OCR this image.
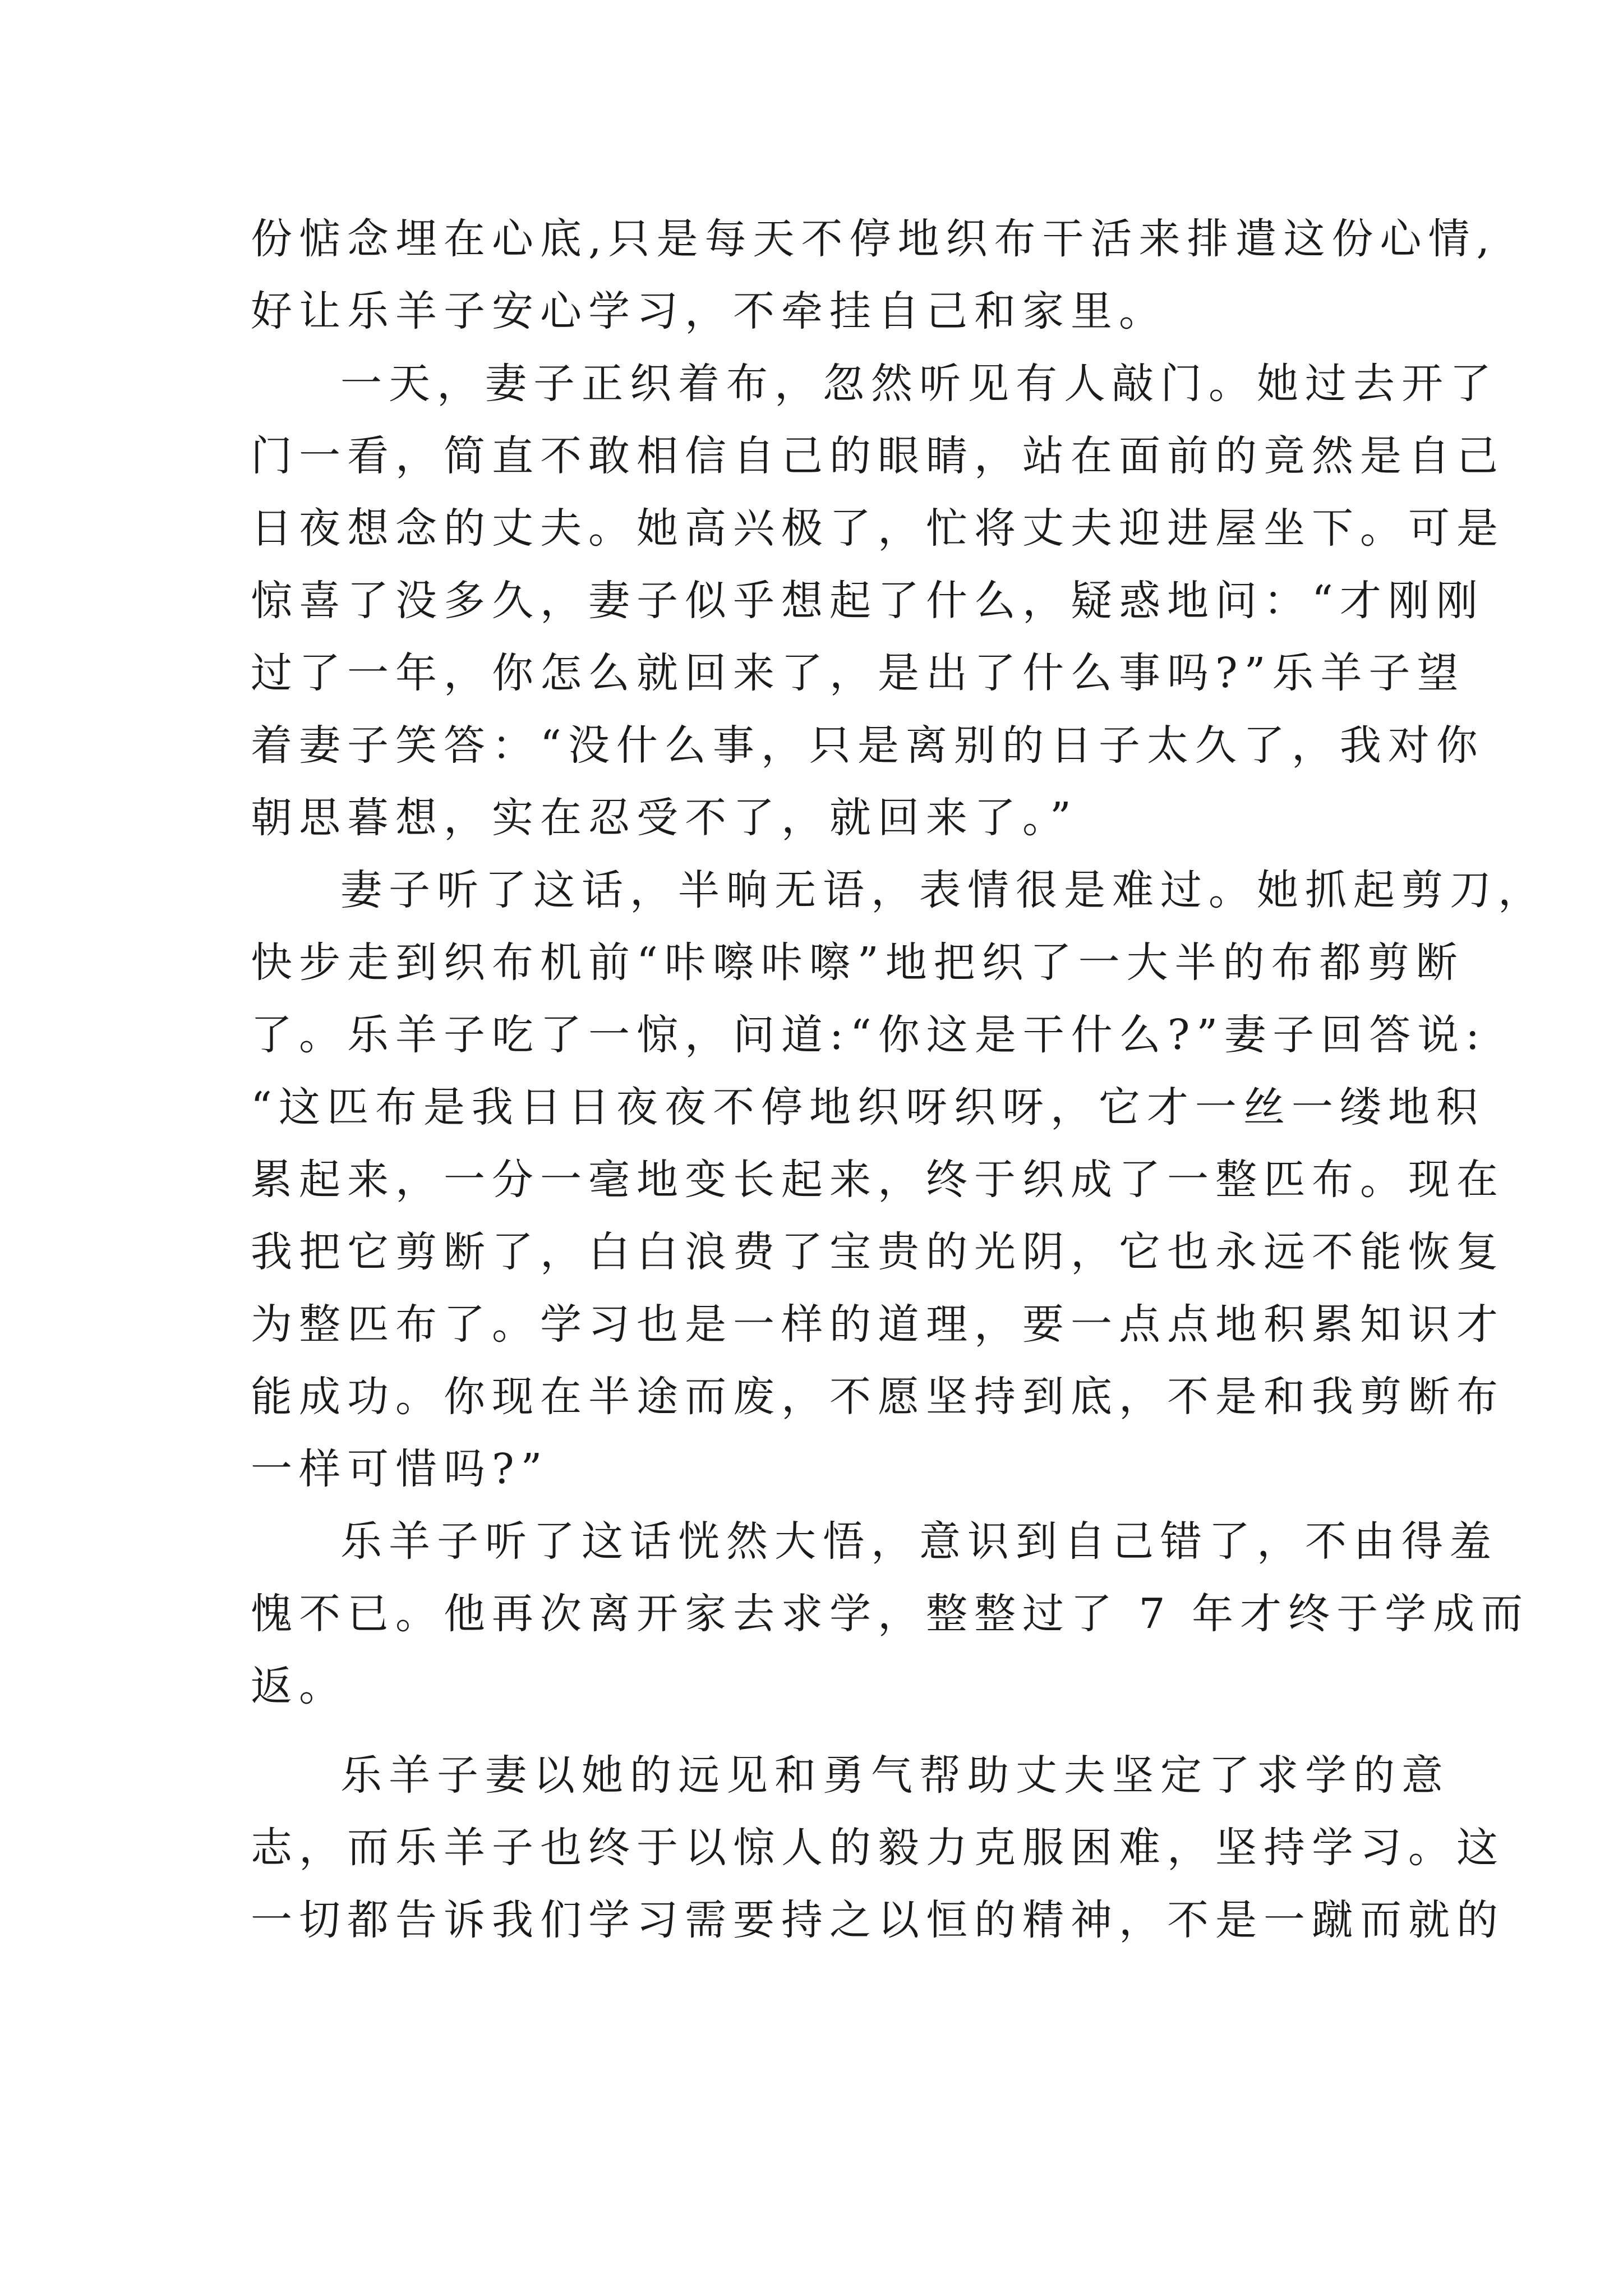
份惦念埋在心底,只是每天不停地织布干活来排遣这份心情,
好让乐羊子安心学习，不牵挂自己和家里。
一天，妻子正织着布，忽然听见有人敲门。她过去开了
门一看，简直不敢相信自己的眼睛，站在面前的竟然是自己
日夜想念的丈夫。她高兴极了，忙将丈夫迎进屋坐下。可是
惊喜了没多久，妻子似乎想起了什么，疑惑地问：“才刚刚
过了一年，你怎么就回来了，是出了什么事吗?”乐羊子望
着妻子笑答：“没什么事，只是离别的日子太久了，我对你
朝思暮想，实在忍受不了，就回来了。”
妻子听了这话，半晌无语，表情很是难过。她抓起剪刀，
快步走到织布机前“咔嚓咔嚓”地把织了一大半的布都剪断
了。乐羊子吃了一惊，问道:“你这是干什么?”妻子回答说:
“这匹布是我日日夜夜不停地织呀织呀，它才一丝一缕地积
累起来，一分一毫地变长起来，终于织成了一整匹布。现在
我把它剪断了，白白浪费了宝贵的光阴，它也永远不能恢复
为整匹布了。学习也是一样的道理，要一点点地积累知识才
能成功。你现在半途而废，不愿坚持到底，不是和我剪断布
一样可惜吗?”
乐羊子听了这话恍然大悟，意识到自己错了，不由得羞
愧不已。他再次离开家去求学，整整过了 7 年才终于学成而
返。
乐羊子妻以她的远见和勇气帮助丈夫坚定了求学的意
志，而乐羊子也终于以惊人的毅力克服困难，坚持学习。这
一切都告诉我们学习需要持之以恒的精神，不是一蹴而就的
